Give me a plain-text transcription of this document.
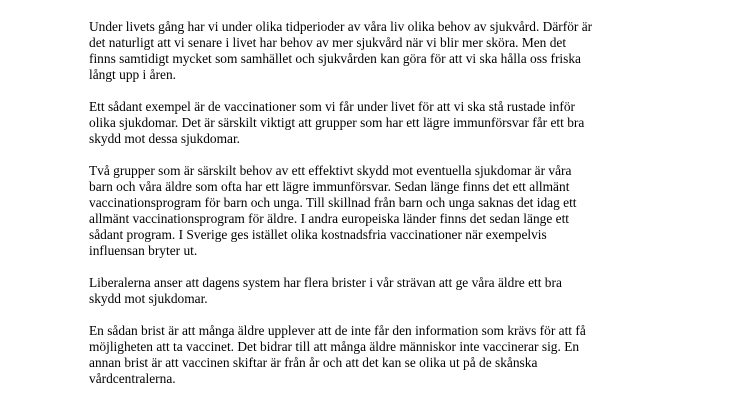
Under livets gång har vi under olika tidperioder av våra liv olika behov av sjukvård. Därför är
det naturligt att vi senare i livet har behov av mer sjukvård när vi blir mer sköra. Men det
finns samtidigt mycket som samhället och sjukvården kan göra för att vi ska hålla oss friska
långt upp i åren.
Ett sådant exempel är de vaccinationer som vi får under livet för att vi ska stå rustade inför
olika sjukdomar. Det är särskilt viktigt att grupper som har ett lägre immunförsvar får ett bra
skydd mot dessa sjukdomar.
Två grupper som är särskilt behov av ett effektivt skydd mot eventuella sjukdomar är våra
barn och våra äldre som ofta har ett lägre immunförsvar. Sedan länge finns det ett allmänt
vaccinationsprogram för barn och unga. Till skillnad från barn och unga saknas det idag ett
allmänt vaccinationsprogram för äldre. I andra europeiska länder finns det sedan länge ett
sådant program. I Sverige ges istället olika kostnadsfria vaccinationer när exempelvis
influensan bryter ut.
Liberalerna anser att dagens system har flera brister i vår strävan att ge våra äldre ett bra
skydd mot sjukdomar.
En sådan brist är att många äldre upplever att de inte får den information som krävs för att få
möjligheten att ta vaccinet. Det bidrar till att många äldre människor inte vaccinerar sig. En
annan brist är att vaccinen skiftar är från år och att det kan se olika ut på de skånska
vårdcentralerna.
